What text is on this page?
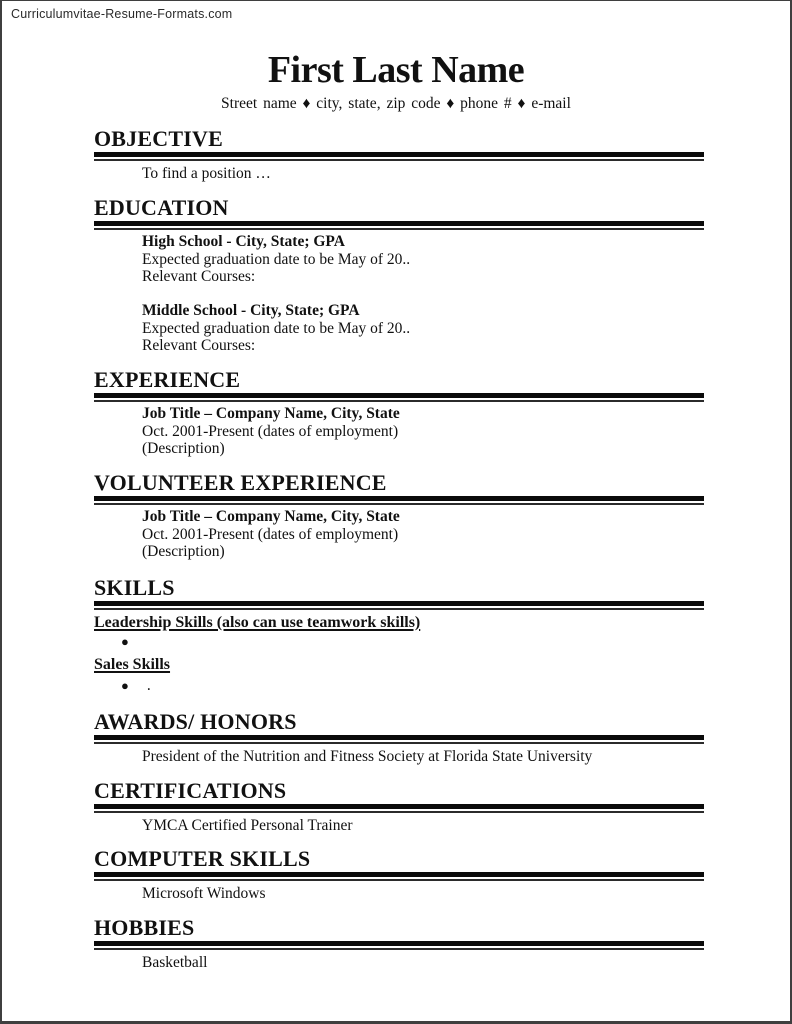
Curriculumvitae-Resume-Formats.com
First Last Name
Street name ♦ city, state, zip code ♦ phone # ♦ e-mail
OBJECTIVE
To find a position …
EDUCATION
High School - City, State; GPA
Expected graduation date to be May of 20..
Relevant Courses:
Middle School - City, State; GPA
Expected graduation date to be May of 20..
Relevant Courses:
EXPERIENCE
Job Title – Company Name, City, State
Oct. 2001-Present (dates of employment)
(Description)
VOLUNTEER EXPERIENCE
Job Title – Company Name, City, State
Oct. 2001-Present (dates of employment)
(Description)
SKILLS
Leadership Skills (also can use teamwork skills)
●
Sales Skills
● .
AWARDS/ HONORS
President of the Nutrition and Fitness Society at Florida State University
CERTIFICATIONS
YMCA Certified Personal Trainer
COMPUTER SKILLS
Microsoft Windows
HOBBIES
Basketball
